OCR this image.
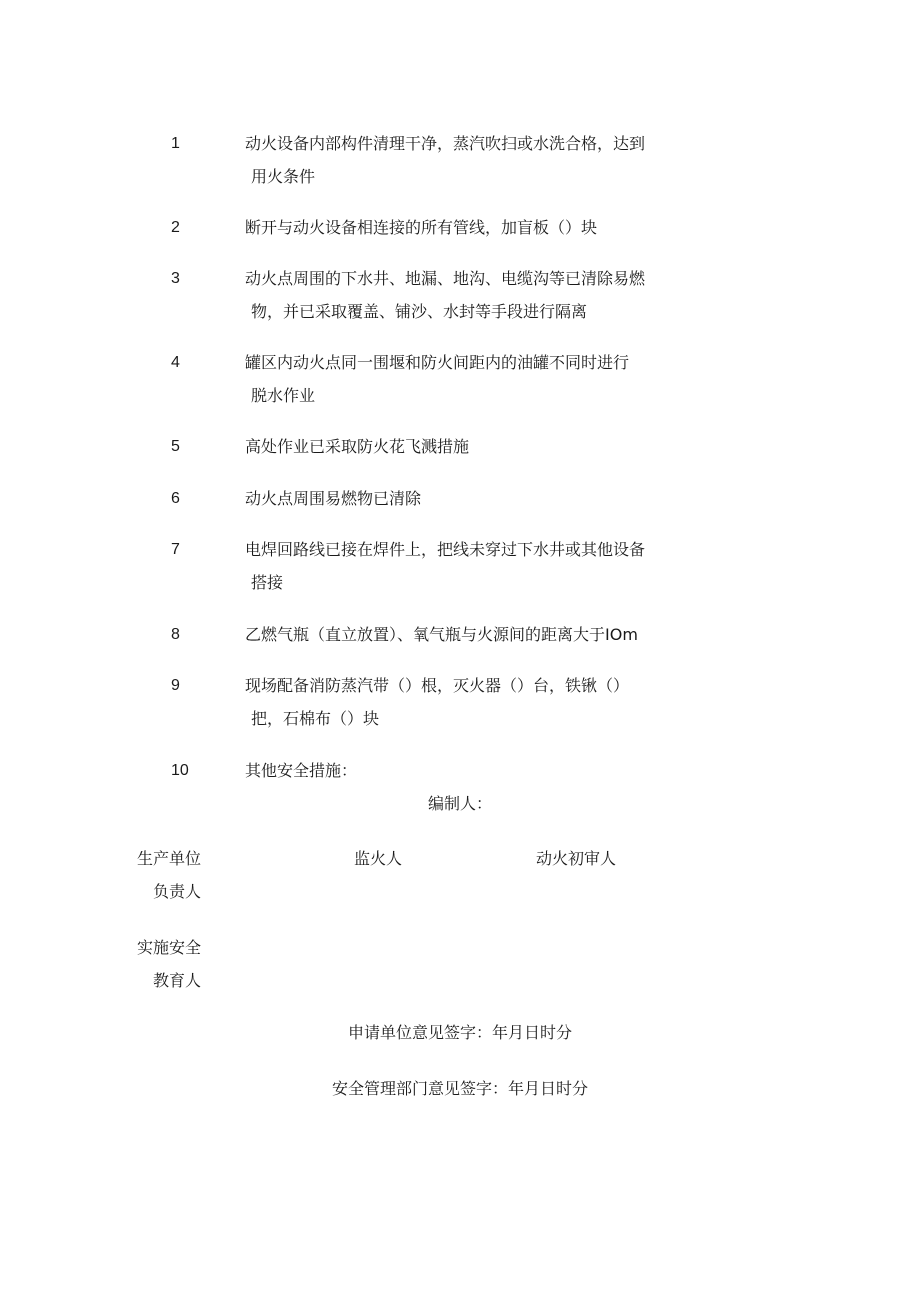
1	动火设备内部构件清理干净，蒸汽吹扫或水洗合格，达到
用火条件
2	断开与动火设备相连接的所有管线，加盲板（）块
3	动火点周围的下水井、地漏、地沟、电缆沟等已清除易燃
物，并已采取覆盖、铺沙、水封等手段进行隔离
4	罐区内动火点同一围堰和防火间距内的油罐不同时进行
脱水作业
5	高处作业已采取防火花飞溅措施
6	动火点周围易燃物已清除
7	电焊回路线已接在焊件上，把线未穿过下水井或其他设备
搭接
8	乙燃气瓶（直立放置）、氧气瓶与火源间的距离大于IOm
9	现场配备消防蒸汽带（）根，灭火器（）台，铁锹（）
把，石棉布（）块
10	其他安全措施：
编制人：
生产单位
负责人
监火人	动火初审人
实施安全
教育人
申请单位意见签字：年月日时分
安全管理部门意见签字：年月日时分
